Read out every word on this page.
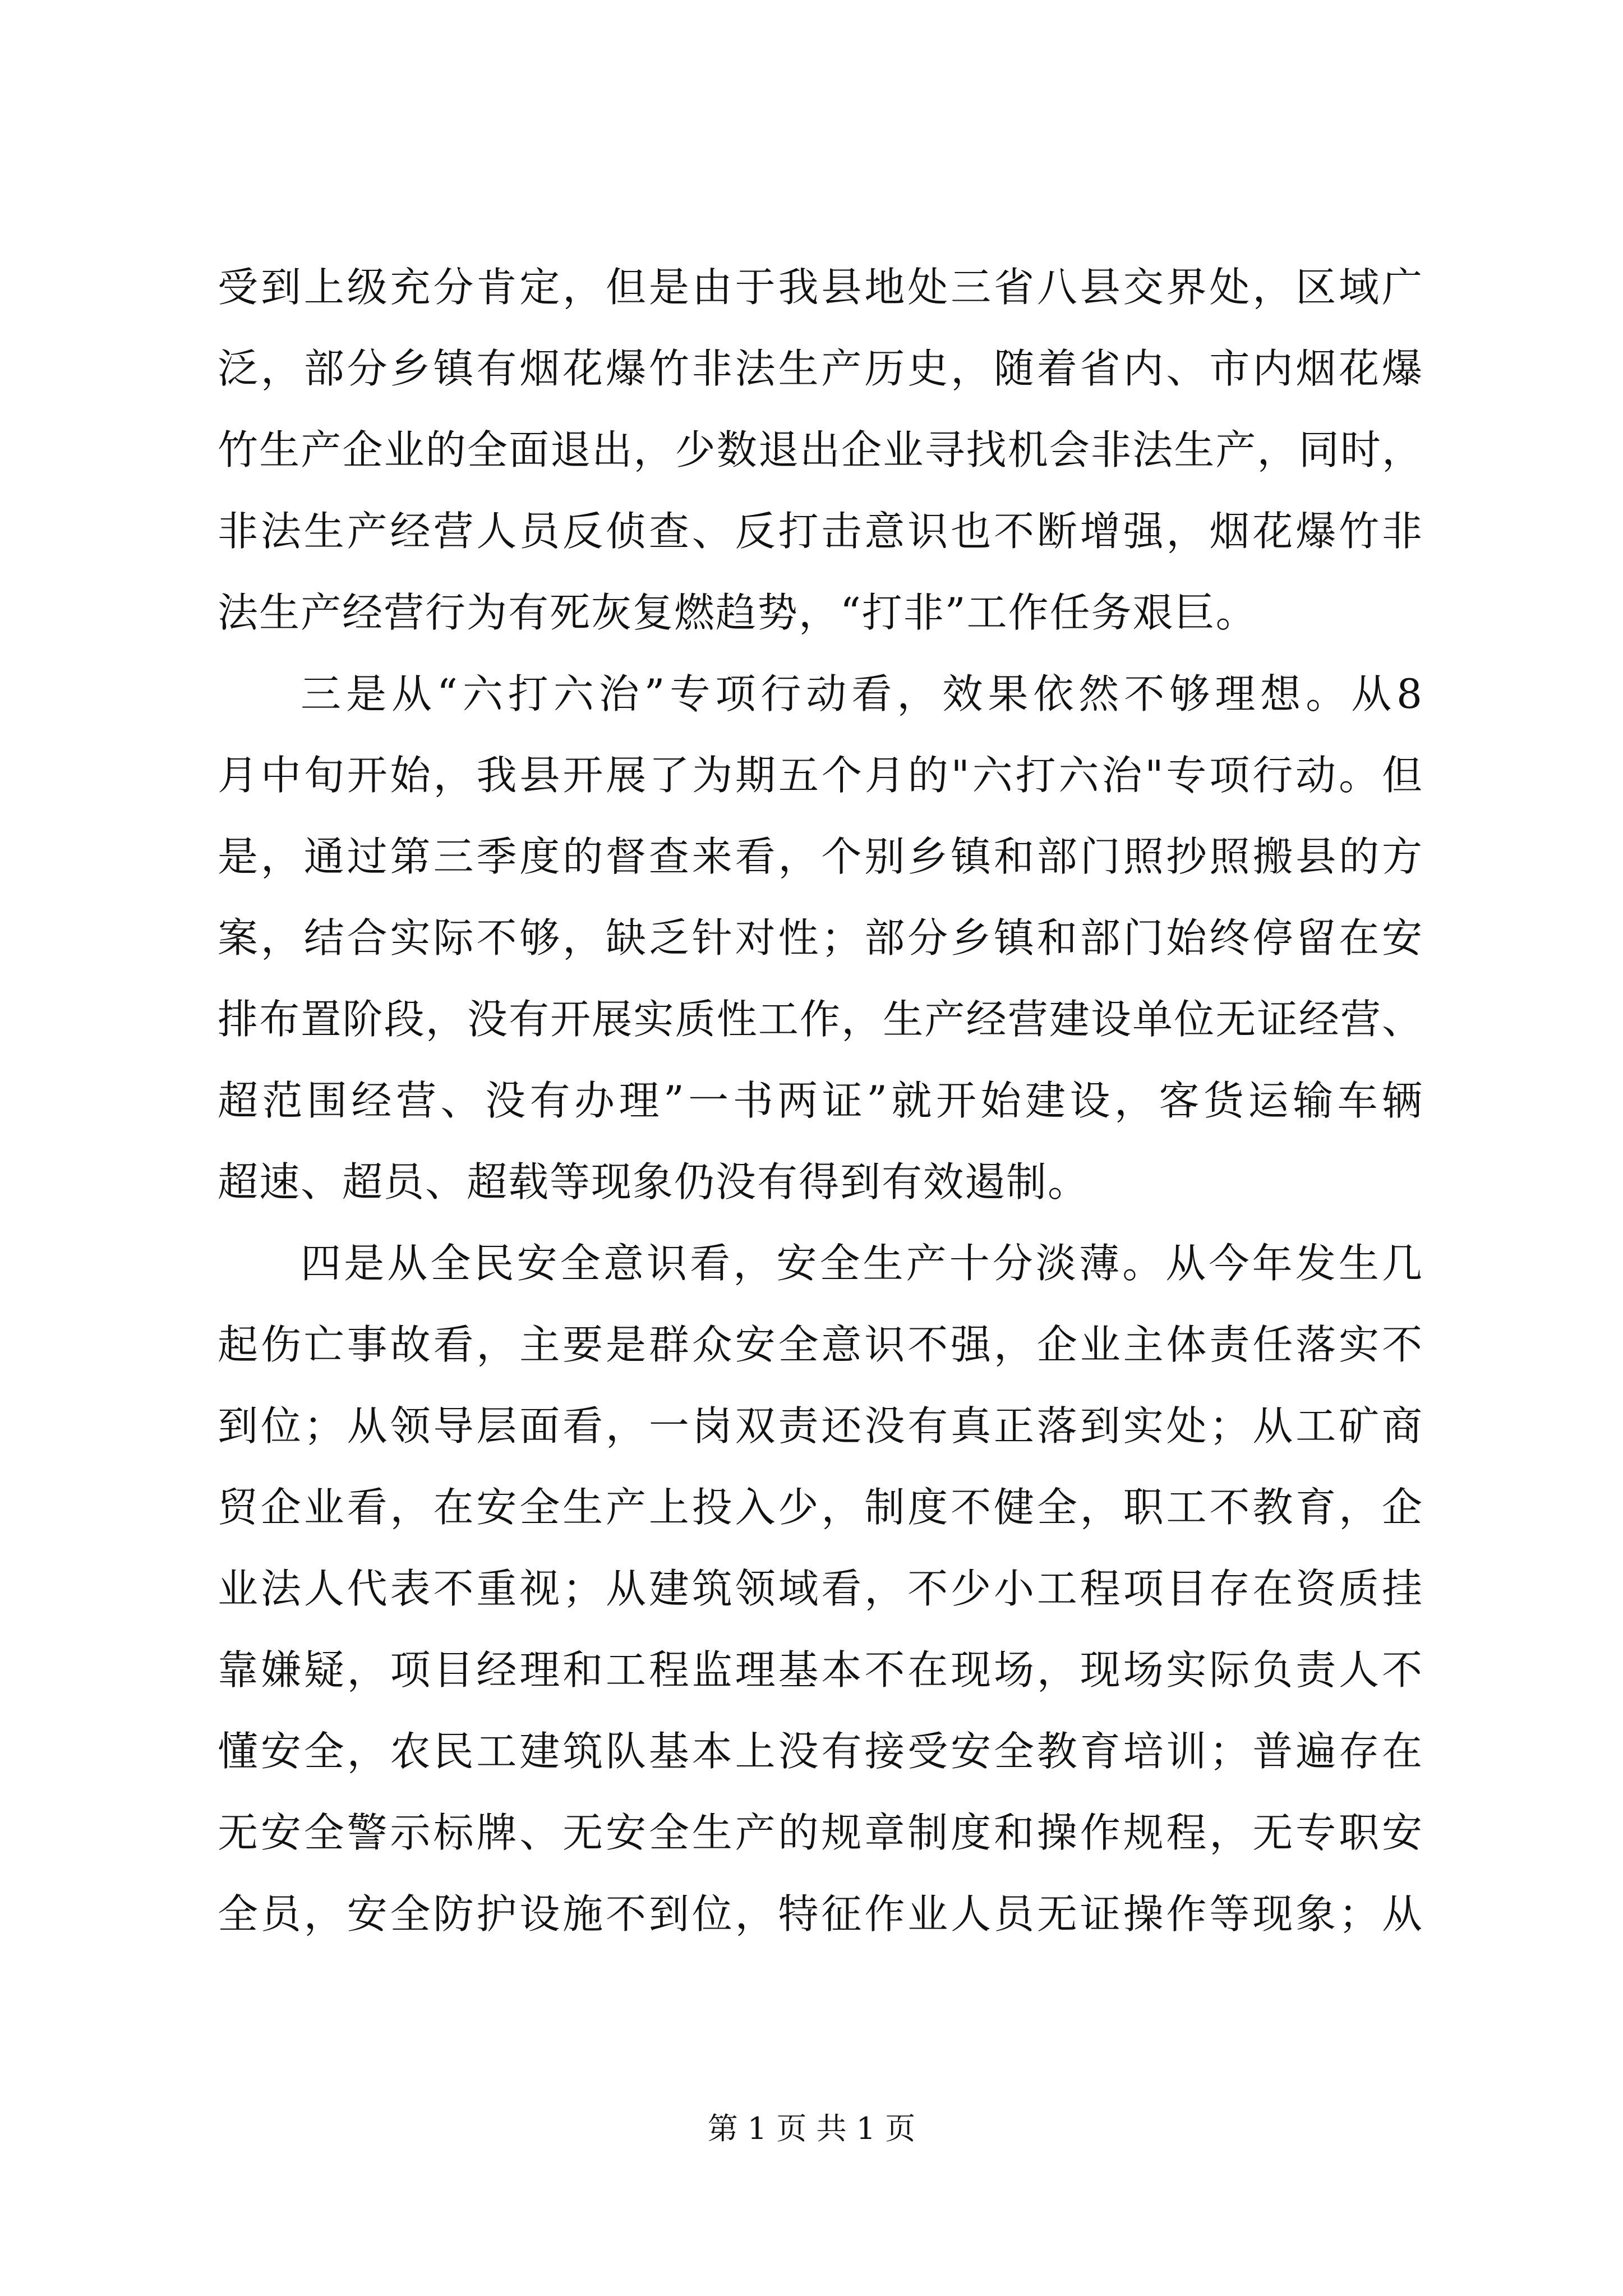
受到上级充分肯定，但是由于我县地处三省八县交界处，区域广
泛，部分乡镇有烟花爆竹非法生产历史，随着省内、市内烟花爆
竹生产企业的全面退出，少数退出企业寻找机会非法生产，同时，
非法生产经营人员反侦查、反打击意识也不断增强，烟花爆竹非
法生产经营行为有死灰复燃趋势，“打非”工作任务艰巨。
三是从“六打六治”专项行动看，效果依然不够理想。从8
月中旬开始，我县开展了为期五个月的"六打六治"专项行动。但
是，通过第三季度的督查来看，个别乡镇和部门照抄照搬县的方
案，结合实际不够，缺乏针对性；部分乡镇和部门始终停留在安
排布置阶段，没有开展实质性工作，生产经营建设单位无证经营、
超范围经营、没有办理”一书两证”就开始建设，客货运输车辆
超速、超员、超载等现象仍没有得到有效遏制。
四是从全民安全意识看，安全生产十分淡薄。从今年发生几
起伤亡事故看，主要是群众安全意识不强，企业主体责任落实不
到位；从领导层面看，一岗双责还没有真正落到实处；从工矿商
贸企业看，在安全生产上投入少，制度不健全，职工不教育，企
业法人代表不重视；从建筑领域看，不少小工程项目存在资质挂
靠嫌疑，项目经理和工程监理基本不在现场，现场实际负责人不
懂安全，农民工建筑队基本上没有接受安全教育培训；普遍存在
无安全警示标牌、无安全生产的规章制度和操作规程，无专职安
全员，安全防护设施不到位，特征作业人员无证操作等现象；从
第 1 页 共 1 页
